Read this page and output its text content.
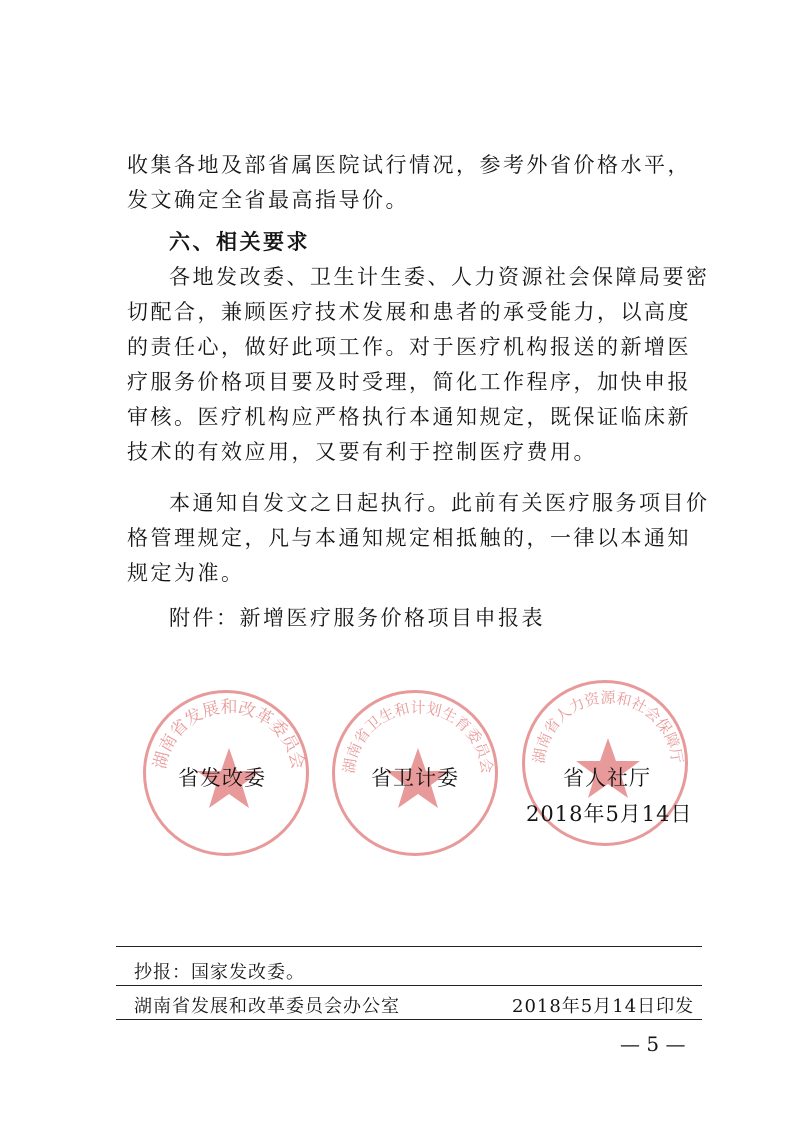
收集各地及部省属医院试行情况，参考外省价格水平，发文确定全省最高指导价。

六、相关要求

各地发改委、卫生计生委、人力资源社会保障局要密切配合，兼顾医疗技术发展和患者的承受能力，以高度的责任心，做好此项工作。对于医疗机构报送的新增医疗服务价格项目要及时受理，简化工作程序，加快申报审核。医疗机构应严格执行本通知规定，既保证临床新技术的有效应用，又要有利于控制医疗费用。

本通知自发文之日起执行。此前有关医疗服务项目价格管理规定，凡与本通知规定相抵触的，一律以本通知规定为准。

附件：新增医疗服务价格项目申报表

湖南省发展和改革委员会 湖南省卫生和计划生育委员会
湖南省人力资源和社会保障厅
省发改委	省卫计委	省人社厅
2018年5月14日
抄报：国家发改委。
湖南省发展和改革委员会办公室	2018年5月14日印发
— 5 —
